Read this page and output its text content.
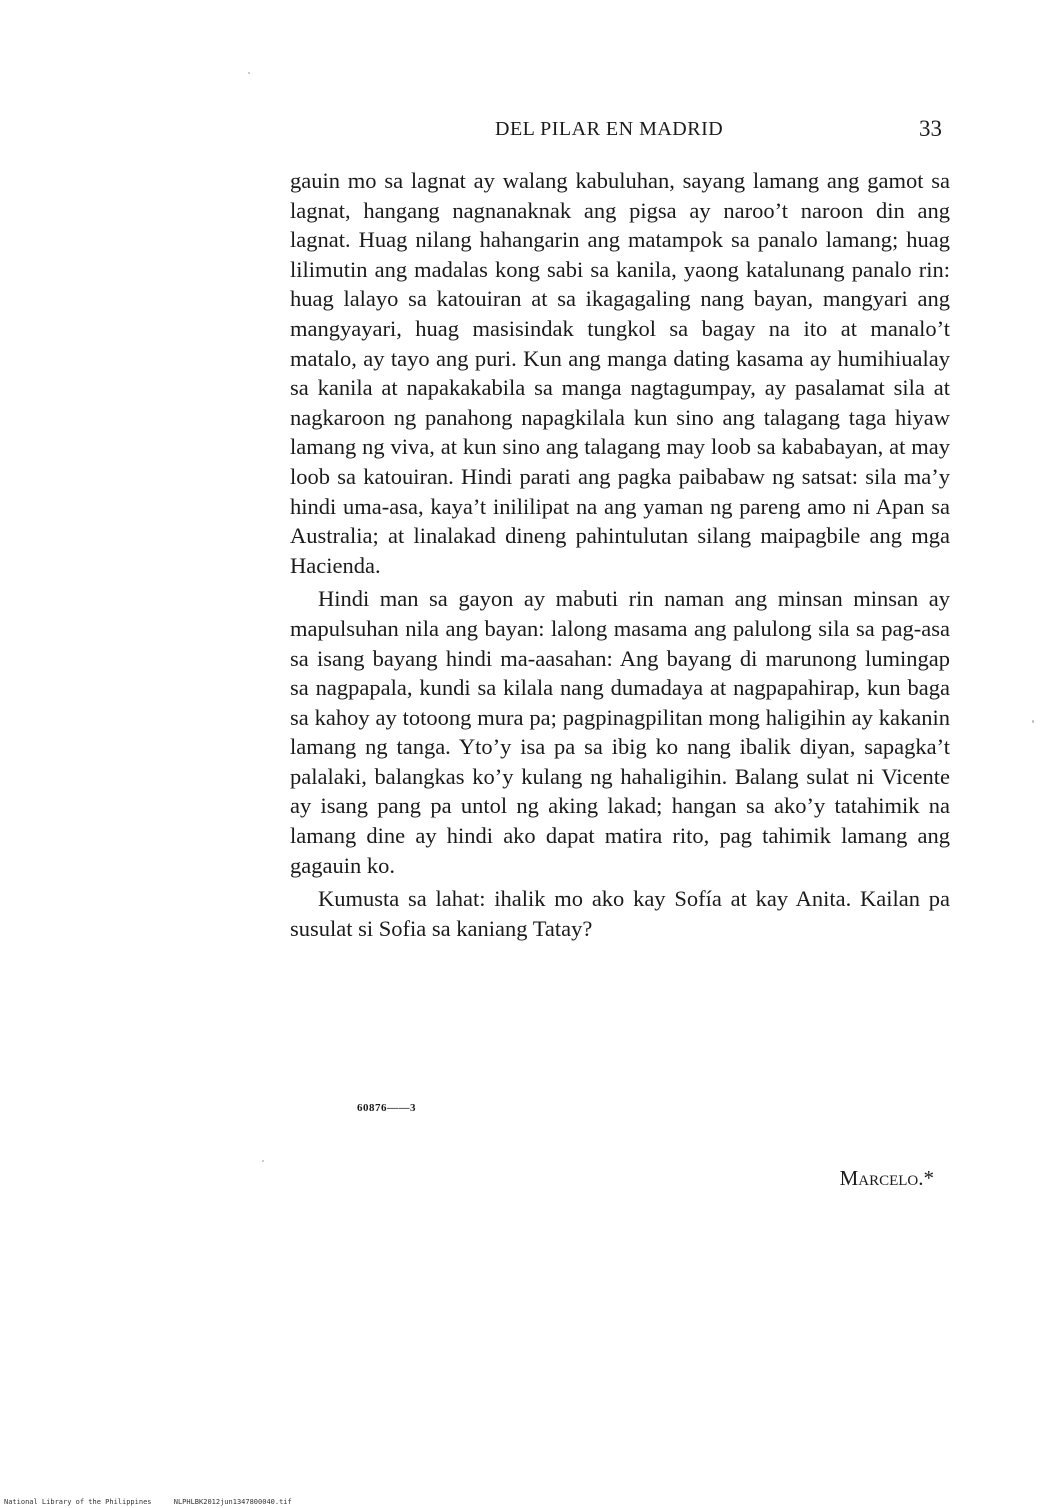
DEL PILAR EN MADRID	33

gauin mo sa lagnat ay walang kabuluhan, sayang lamang ang gamot sa lagnat, hangang nagnanaknak ang pigsa ay naroo’t naroon din ang lagnat. Huag nilang hahangarin ang matampok sa panalo lamang; huag lilimutin ang madalas kong sabi sa kanila, yaong katalunang panalo rin: huag lalayo sa katouiran at sa ikagagaling nang bayan, mangyari ang mangyayari, huag masisindak tungkol sa bagay na ito at manalo’t matalo, ay tayo ang puri. Kun ang manga dating kasama ay humihiualay sa kanila at napakakabila sa manga nagtagumpay, ay pasalamat sila at nagkaroon ng panahong napagkilala kun sino ang talagang taga hiyaw lamang ng viva, at kun sino ang talagang may loob sa kababayan, at may loob sa katouiran. Hindi parati ang pagka paibabaw ng satsat: sila ma’y hindi uma-asa, kaya’t inililipat na ang yaman ng pareng amo ni Apan sa Australia; at linalakad dineng pahintulutan silang maipagbile ang mga Hacienda.

Hindi man sa gayon ay mabuti rin naman ang minsan minsan ay mapulsuhan nila ang bayan: lalong masama ang palulong sila sa pag-asa sa isang bayang hindi ma-aasahan: Ang bayang di marunong lumingap sa nagpapala, kundi sa kilala nang dumadaya at nagpapahirap, kun baga sa kahoy ay totoong mura pa; pagpinagpilitan mong haligihin ay kakanin lamang ng tanga. Yto’y isa pa sa ibig ko nang ibalik diyan, sapagka’t palalaki, balangkas ko’y kulang ng hahaligihin. Balang sulat ni Vicente ay isang pang pa untol ng aking lakad; hangan sa ako’y tatahimik na lamang dine ay hindi ako dapat matira rito, pag tahimik lamang ang gagauin ko.

Kumusta sa lahat: ihalik mo ako kay Sofía at kay Anita. Kailan pa susulat si Sofia sa kaniang Tatay?

60876——3
Marcelo.*
National Library of the Philippines	NLPHLBK2012jun1347800040.tif
